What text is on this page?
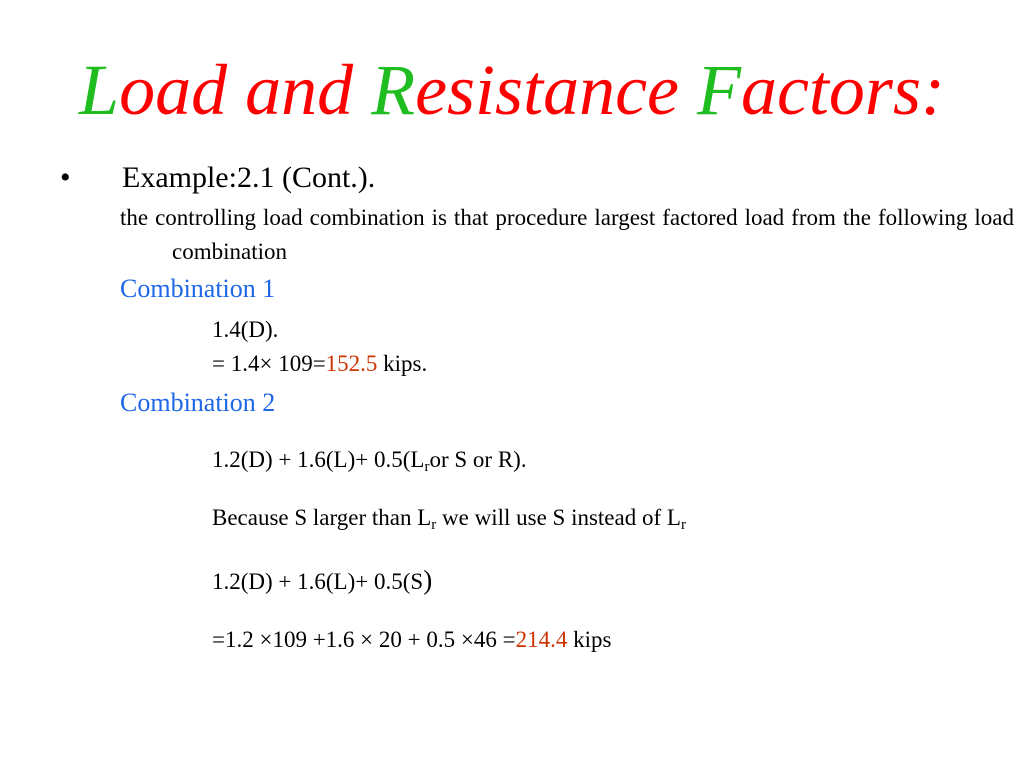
Load and Resistance Factors:
• Example:2.1 (Cont.).
the controlling load combination is that procedure largest factored load from the following load combination
Combination 1
1.4(D).
= 1.4× 109=152.5 kips.
Combination 2
$1.2(D) + 1.6(L)+ 0.5(L_ror$ S or R).
Because S larger than $L_r$ we will use S instead of $L_r$
1.2(D) + 1.6(L)+ 0.5(S)
=1.2 ×109 +1.6 × 20 + 0.5 ×46 =214.4 kips
